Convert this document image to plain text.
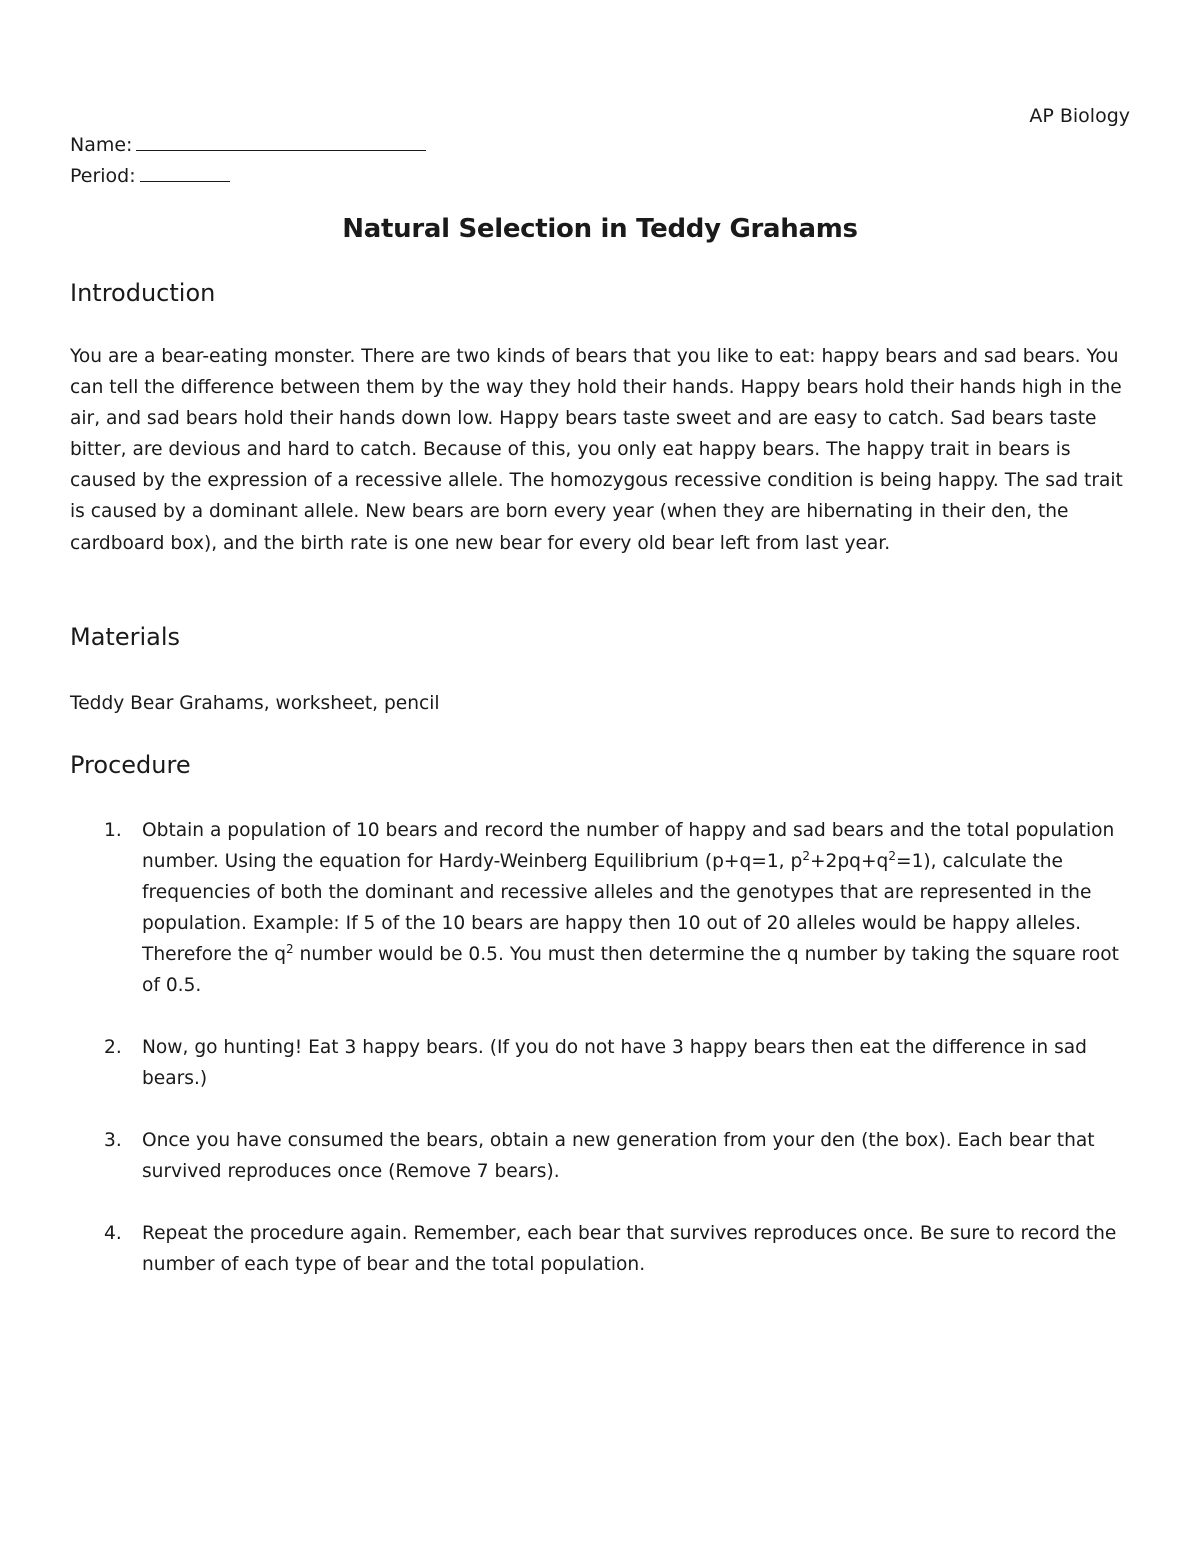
AP Biology
Name:
Period:
Natural Selection in Teddy Grahams
Introduction

You are a bear-eating monster. There are two kinds of bears that you like to eat: happy bears and sad bears. You can tell the difference between them by the way they hold their hands. Happy bears hold their hands high in the air, and sad bears hold their hands down low. Happy bears taste sweet and are easy to catch. Sad bears taste bitter, are devious and hard to catch. Because of this, you only eat happy bears. The happy trait in bears is caused by the expression of a recessive allele. The homozygous recessive condition is being happy. The sad trait is caused by a dominant allele. New bears are born every year (when they are hibernating in their den, the cardboard box), and the birth rate is one new bear for every old bear left from last year.

Materials

Teddy Bear Grahams, worksheet, pencil

Procedure
1. Obtain a population of 10 bears and record the number of happy and sad bears and the total population number. Using the equation for Hardy-Weinberg Equilibrium (p+q=1, $p^2+2pq+q^2=1$), calculate the frequencies of both the dominant and recessive alleles and the genotypes that are represented in the population. Example: If 5 of the 10 bears are happy then 10 out of 20 alleles would be happy alleles. Therefore the $q^2$ number would be 0.5. You must then determine the q number by taking the square root of 0.5.
2. Now, go hunting! Eat 3 happy bears. (If you do not have 3 happy bears then eat the difference in sad bears.)
3. Once you have consumed the bears, obtain a new generation from your den (the box). Each bear that survived reproduces once (Remove 7 bears).
4. Repeat the procedure again. Remember, each bear that survives reproduces once. Be sure to record the number of each type of bear and the total population.
